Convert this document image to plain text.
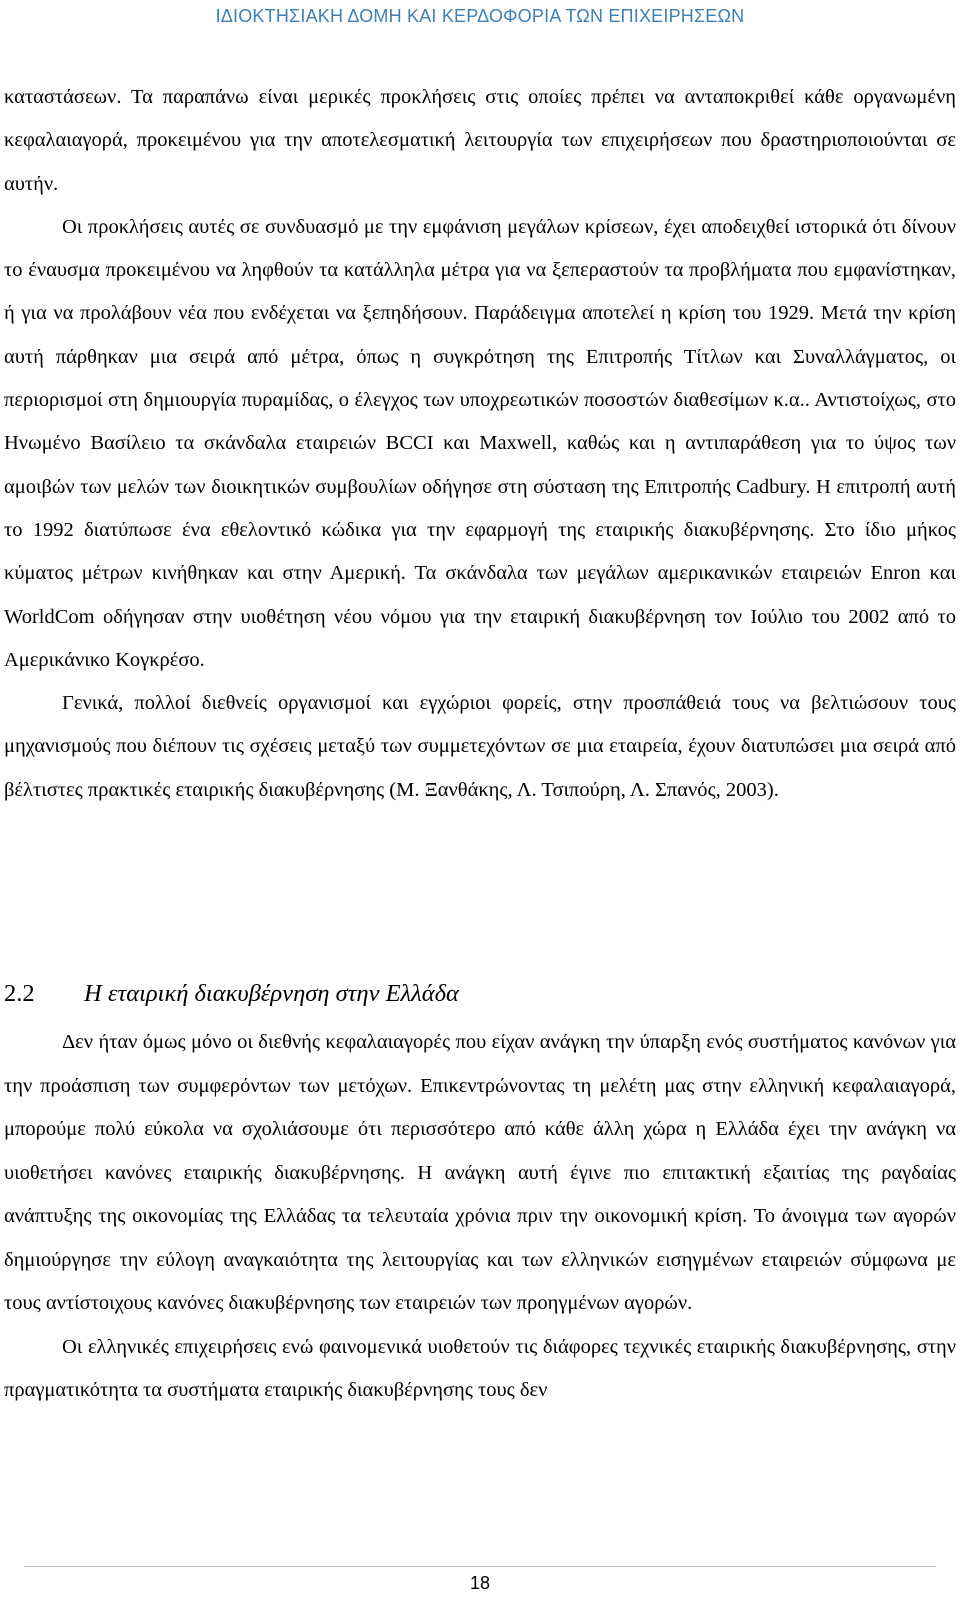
ΙΔΙΟΚΤΗΣΙΑΚΗ ΔΟΜΗ ΚΑΙ ΚΕΡΔΟΦΟΡΙΑ ΤΩΝ ΕΠΙΧΕΙΡΗΣΕΩΝ

καταστάσεων. Τα παραπάνω είναι μερικές προκλήσεις στις οποίες πρέπει να ανταποκριθεί κάθε οργανωμένη κεφαλαιαγορά, προκειμένου για την αποτελεσματική λειτουργία των επιχειρήσεων που δραστηριοποιούνται σε αυτήν.

Οι προκλήσεις αυτές σε συνδυασμό με την εμφάνιση μεγάλων κρίσεων, έχει αποδειχθεί ιστορικά ότι δίνουν το έναυσμα προκειμένου να ληφθούν τα κατάλληλα μέτρα για να ξεπεραστούν τα προβλήματα που εμφανίστηκαν, ή για να προλάβουν νέα που ενδέχεται να ξεπηδήσουν. Παράδειγμα αποτελεί η κρίση του 1929. Μετά την κρίση αυτή πάρθηκαν μια σειρά από μέτρα, όπως η συγκρότηση της Επιτροπής Τίτλων και Συναλλάγματος, οι περιορισμοί στη δημιουργία πυραμίδας, ο έλεγχος των υποχρεωτικών ποσοστών διαθεσίμων κ.α.. Αντιστοίχως, στο Ηνωμένο Βασίλειο τα σκάνδαλα εταιρειών BCCI και Maxwell, καθώς και η αντιπαράθεση για το ύψος των αμοιβών των μελών των διοικητικών συμβουλίων οδήγησε στη σύσταση της Επιτροπής Cadbury. Η επιτροπή αυτή το 1992 διατύπωσε ένα εθελοντικό κώδικα για την εφαρμογή της εταιρικής διακυβέρνησης. Στο ίδιο μήκος κύματος μέτρων κινήθηκαν και στην Αμερική. Τα σκάνδαλα των μεγάλων αμερικανικών εταιρειών Enron και WorldCom οδήγησαν στην υιοθέτηση νέου νόμου για την εταιρική διακυβέρνηση τον Ιούλιο του 2002 από το Αμερικάνικο Κογκρέσο.

Γενικά, πολλοί διεθνείς οργανισμοί και εγχώριοι φορείς, στην προσπάθειά τους να βελτιώσουν τους μηχανισμούς που διέπουν τις σχέσεις μεταξύ των συμμετεχόντων σε μια εταιρεία, έχουν διατυπώσει μια σειρά από βέλτιστες πρακτικές εταιρικής διακυβέρνησης (Μ. Ξανθάκης, Λ. Τσιπούρη, Λ. Σπανός, 2003).

2.2 Η εταιρική διακυβέρνηση στην Ελλάδα

Δεν ήταν όμως μόνο οι διεθνής κεφαλαιαγορές που είχαν ανάγκη την ύπαρξη ενός συστήματος κανόνων για την προάσπιση των συμφερόντων των μετόχων. Επικεντρώνοντας τη μελέτη μας στην ελληνική κεφαλαιαγορά, μπορούμε πολύ εύκολα να σχολιάσουμε ότι περισσότερο από κάθε άλλη χώρα η Ελλάδα έχει την ανάγκη να υιοθετήσει κανόνες εταιρικής διακυβέρνησης. Η ανάγκη αυτή έγινε πιο επιτακτική εξαιτίας της ραγδαίας ανάπτυξης της οικονομίας της Ελλάδας τα τελευταία χρόνια πριν την οικονομική κρίση. Το άνοιγμα των αγορών δημιούργησε την εύλογη αναγκαιότητα της λειτουργίας και των ελληνικών εισηγμένων εταιρειών σύμφωνα με τους αντίστοιχους κανόνες διακυβέρνησης των εταιρειών των προηγμένων αγορών.

Οι ελληνικές επιχειρήσεις ενώ φαινομενικά υιοθετούν τις διάφορες τεχνικές εταιρικής διακυβέρνησης, στην πραγματικότητα τα συστήματα εταιρικής διακυβέρνησης τους δεν

18
